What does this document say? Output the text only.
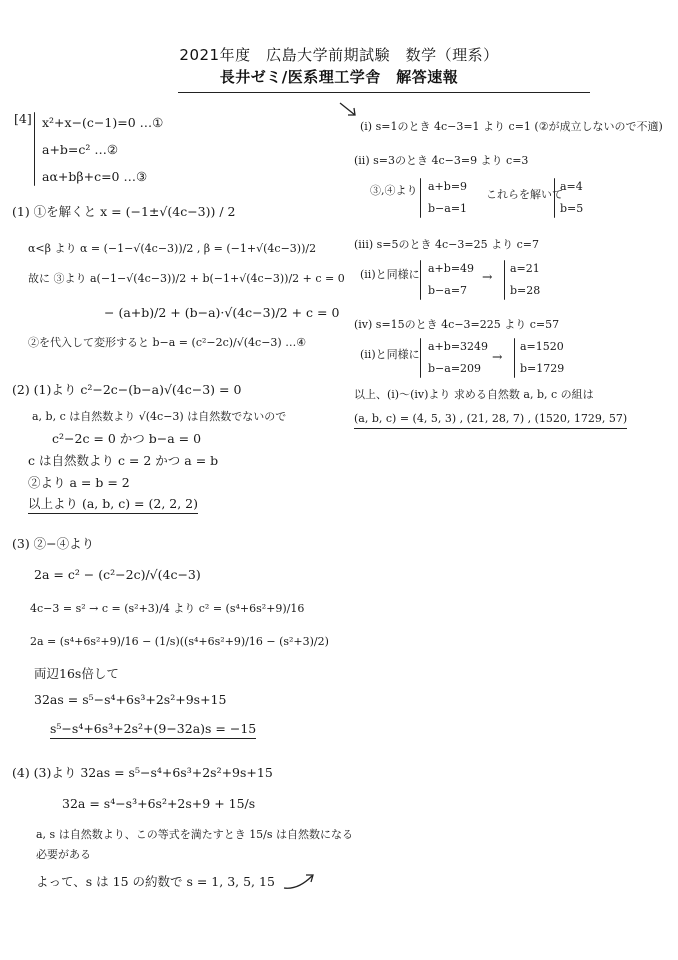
2021年度　広島大学前期試験　数学（理系）
長井ゼミ/医系理工学舎　解答速報
[4] x²+x−(c−1)=0 …①
a+b=c² …②
aα+bβ+c=0 …③
(1) ①を解くと x = (−1±√(4c−3)) / 2
α<β より α = (−1−√(4c−3))/2 , β = (−1+√(4c−3))/2
故に ③より a(−1−√(4c−3))/2 + b(−1+√(4c−3))/2 + c = 0
− (a+b)/2 + (b−a)·√(4c−3)/2 + c = 0
②を代入して変形すると b−a = (c²−2c)/√(4c−3) …④
(2) (1)より c²−2c−(b−a)√(4c−3) = 0
a, b, c は自然数より √(4c−3) は自然数でないので
c²−2c = 0 かつ b−a = 0
c は自然数より c = 2 かつ a = b
②より a = b = 2
以上より (a, b, c) = (2, 2, 2)
(3) ②−④より
2a = c² − (c²−2c)/√(4c−3)
4c−3 = s² → c = (s²+3)/4 より c² = (s⁴+6s²+9)/16
2a = (s⁴+6s²+9)/16 − (1/s)((s⁴+6s²+9)/16 − (s²+3)/2)
両辺16s倍して
32as = s⁵−s⁴+6s³+2s²+9s+15
s⁵−s⁴+6s³+2s²+(9−32a)s = −15
(4) (3)より 32as = s⁵−s⁴+6s³+2s²+9s+15
32a = s⁴−s³+6s²+2s+9 + 15/s
a, s は自然数より、この等式を満たすとき 15/s は自然数になる
必要がある
よって、s は 15 の約数で s = 1, 3, 5, 15
(i) s=1のとき 4c−3=1 より c=1 (②が成立しないので不適)
(ii) s=3のとき 4c−3=9 より c=3
③,④より a+b=9
b−a=1
これらを解いて
a=4
b=5
(iii) s=5のとき 4c−3=25 より c=7
(ii)と同様に a+b=49
b−a=7
→
a=21
b=28
(iv) s=15のとき 4c−3=225 より c=57
(ii)と同様に
a+b=3249
b−a=209
→
a=1520
b=1729
以上、(i)〜(iv)より 求める自然数 a, b, c の組は
(a, b, c) = (4, 5, 3) , (21, 28, 7) , (1520, 1729, 57)
